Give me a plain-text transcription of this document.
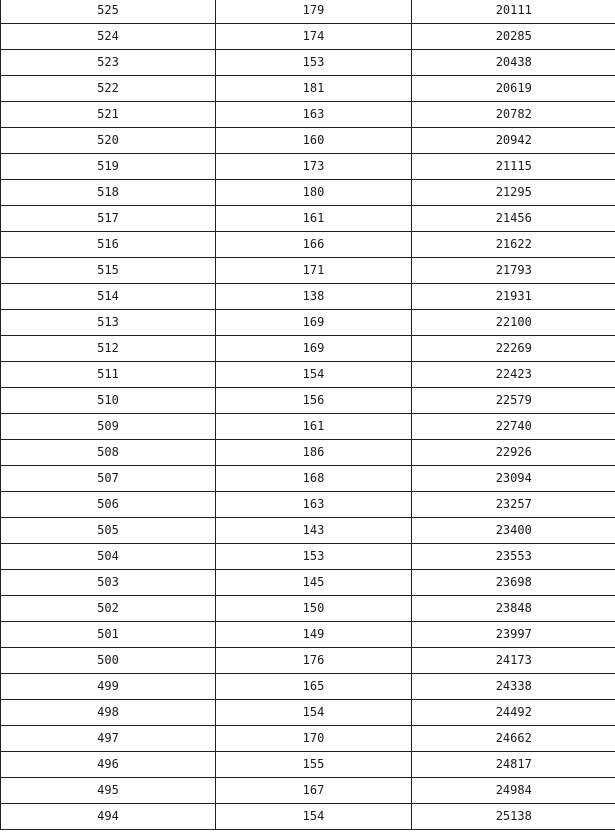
525	179	20111
524	174	20285
523	153	20438
522	181	20619
521	163	20782
520	160	20942
519	173	21115
518	180	21295
517	161	21456
516	166	21622
515	171	21793
514	138	21931
513	169	22100
512	169	22269
511	154	22423
510	156	22579
509	161	22740
508	186	22926
507	168	23094
506	163	23257
505	143	23400
504	153	23553
503	145	23698
502	150	23848
501	149	23997
500	176	24173
499	165	24338
498	154	24492
497	170	24662
496	155	24817
495	167	24984
494	154	25138
